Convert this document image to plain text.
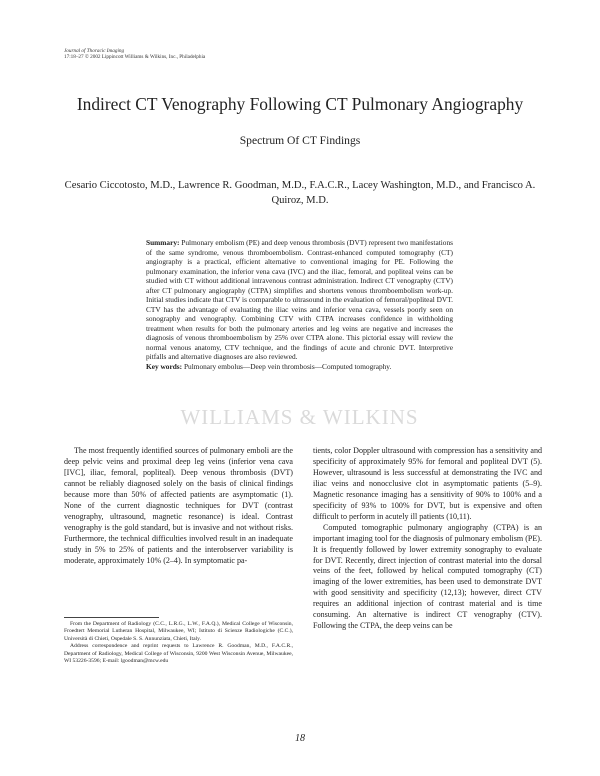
Journal of Thoracic Imaging
17:18–27 © 2002 Lippincott Williams & Wilkins, Inc., Philadelphia
Indirect CT Venography Following CT Pulmonary Angiography
Spectrum Of CT Findings
Cesario Ciccotosto, M.D., Lawrence R. Goodman, M.D., F.A.C.R., Lacey Washington, M.D., and Francisco A. Quiroz, M.D.
Summary: Pulmonary embolism (PE) and deep venous thrombosis (DVT) represent two manifestations of the same syndrome, venous thromboembolism. Contrast-enhanced computed tomography (CT) angiography is a practical, efficient alternative to conventional imaging for PE. Following the pulmonary examination, the inferior vena cava (IVC) and the iliac, femoral, and popliteal veins can be studied with CT without additional intravenous contrast administration. Indirect CT venography (CTV) after CT pulmonary angiography (CTPA) simplifies and shortens venous thromboembolism work-up. Initial studies indicate that CTV is comparable to ultrasound in the evaluation of femoral/popliteal DVT. CTV has the advantage of evaluating the iliac veins and inferior vena cava, vessels poorly seen on sonography and venography. Combining CTV with CTPA increases confidence in withholding treatment when results for both the pulmonary arteries and leg veins are negative and increases the diagnosis of venous thromboembolism by 25% over CTPA alone. This pictorial essay will review the normal venous anatomy, CTV technique, and the findings of acute and chronic DVT. Interpretive pitfalls and alternative diagnoses are also reviewed.
Key words: Pulmonary embolus—Deep vein thrombosis—Computed tomography.
WILLIAMS & WILKINS

The most frequently identified sources of pulmonary emboli are the deep pelvic veins and proximal deep leg veins (inferior vena cava [IVC], iliac, femoral, popliteal). Deep venous thrombosis (DVT) cannot be reliably diagnosed solely on the basis of clinical findings because more than 50% of affected patients are asymptomatic (1). None of the current diagnostic techniques for DVT (contrast venography, ultrasound, magnetic resonance) is ideal. Contrast venography is the gold standard, but is invasive and not without risks. Furthermore, the technical difficulties involved result in an inadequate study in 5% to 25% of patients and the interobserver variability is moderate, approximately 10% (2–4). In symptomatic pa-

tients, color Doppler ultrasound with compression has a sensitivity and specificity of approximately 95% for femoral and popliteal DVT (5). However, ultrasound is less successful at demonstrating the IVC and iliac veins and nonocclusive clot in asymptomatic patients (5–9). Magnetic resonance imaging has a sensitivity of 90% to 100% and a specificity of 93% to 100% for DVT, but is expensive and often difficult to perform in acutely ill patients (10,11).

Computed tomographic pulmonary angiography (CTPA) is an important imaging tool for the diagnosis of pulmonary embolism (PE). It is frequently followed by lower extremity sonography to evaluate for DVT. Recently, direct injection of contrast material into the dorsal veins of the feet, followed by helical computed tomography (CT) imaging of the lower extremities, has been used to demonstrate DVT with good sensitivity and specificity (12,13); however, direct CTV requires an additional injection of contrast material and is time consuming. An alternative is indirect CT venography (CTV). Following the CTPA, the deep veins can be

From the Department of Radiology (C.C., L.R.G., L.W., F.A.Q.), Medical College of Wisconsin, Froedtert Memorial Lutheran Hospital, Milwaukee, WI; Istituto di Scienze Radiologiche (C.C.), Università di Chieti, Ospedale S. S. Annunziata, Chieti, Italy.

Address correspondence and reprint requests to Lawrence R. Goodman, M.D., F.A.C.R., Department of Radiology, Medical College of Wisconsin, 9200 West Wisconsin Avenue, Milwaukee, WI 53226-3596; E-mail: lgoodman@mcw.edu

18
